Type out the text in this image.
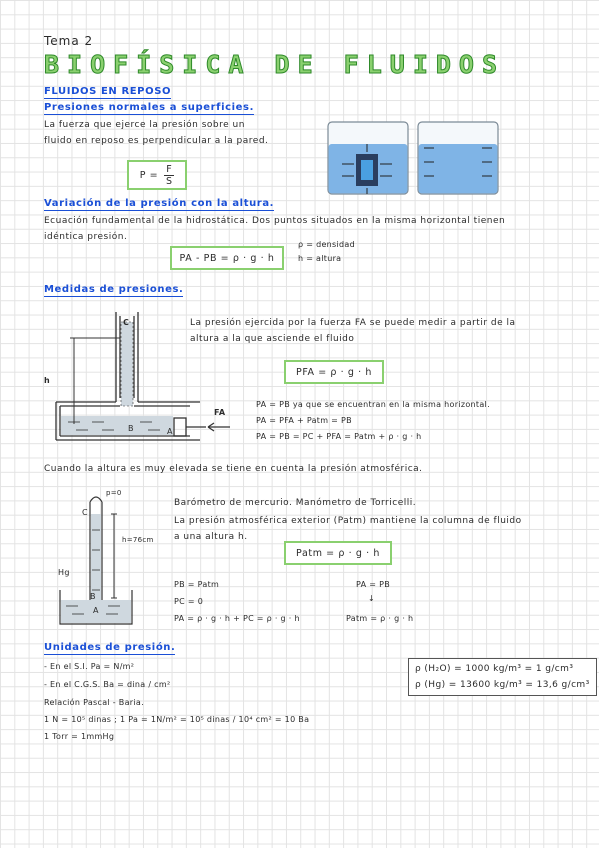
Tema 2
BIOFÍSICA DE FLUIDOS
FLUIDOS EN REPOSO
Presiones normales a superficies.
La fuerza que ejerce la presión sobre un
fluido en reposo es perpendicular a la pared.
$P = \frac{F}{S}$
Variación de la presión con la altura.
Ecuación fundamental de la hidrostática. Dos puntos situados en la misma horizontal tienen
idéntica presión.
PA - PB = ρ · g · h
ρ = densidad
h = altura
Medidas de presiones.
C
B	A
h
FA
La presión ejercida por la fuerza FA se puede medir a partir de la
altura a la que asciende el fluido
PFA = ρ · g · h
PA = PB ya que se encuentran en la misma horizontal.
PA = PFA + Patm = PB
PA = PB = PC + PFA = Patm + ρ · g · h
Cuando la altura es muy elevada se tiene en cuenta la presión atmosférica.
p=0
C
h=76cm
Hg
B
A
Barómetro de mercurio. Manómetro de Torricelli.
La presión atmosférica exterior (Patm) mantiene la columna de fluido
a una altura h.
Patm = ρ · g · h
PB = Patm
PC = 0
PA = ρ · g · h + PC = ρ · g · h
PA = PB
↓
Patm = ρ · g · h
Unidades de presión.
- En el S.I. Pa = N/m²
- En el C.G.S. Ba = dina / cm²
Relación Pascal - Baria.
1 N = 10⁵ dinas ; 1 Pa = 1N/m² = 10⁵ dinas / 10⁴ cm² = 10 Ba
1 Torr = 1mmHg
ρ (H₂O) = 1000 kg/m³ = 1 g/cm³
ρ (Hg) = 13600 kg/m³ = 13,6 g/cm³
